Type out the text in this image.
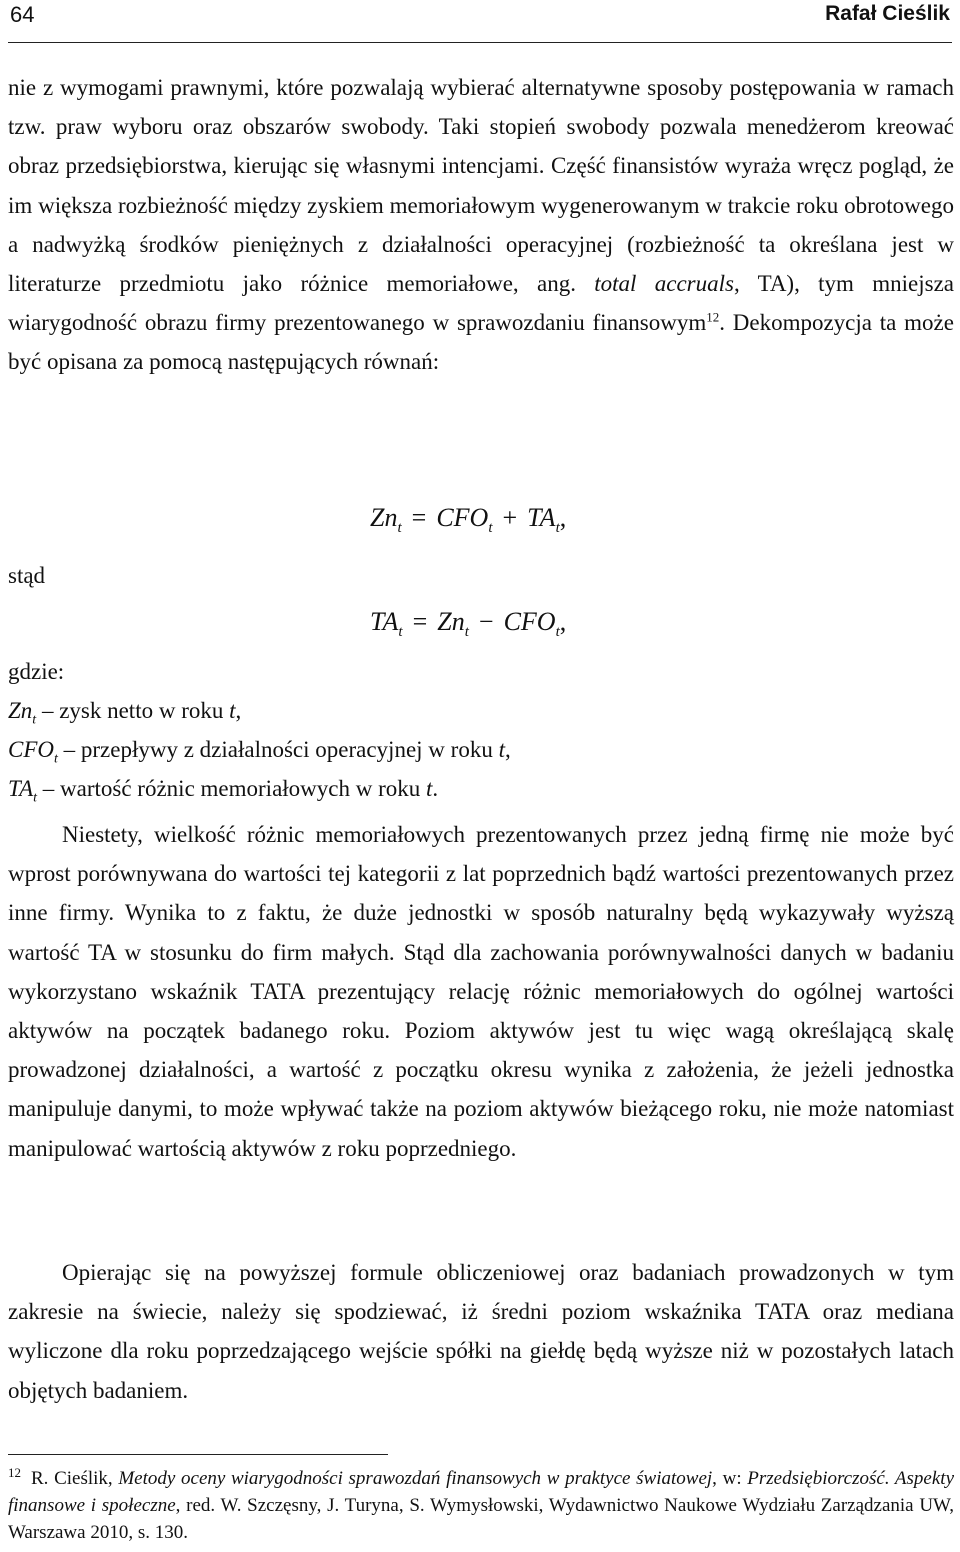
64	Rafał Cieślik

nie z wymogami prawnymi, które pozwalają wybierać alternatywne sposoby postępowania w ramach tzw. praw wyboru oraz obszarów swobody. Taki stopień swobody pozwala menedżerom kreować obraz przedsiębiorstwa, kierując się własnymi intencjami. Część finansistów wyraża wręcz pogląd, że im większa rozbieżność między zyskiem memoriałowym wygenerowanym w trakcie roku obrotowego a nadwyżką środków pieniężnych z działalności operacyjnej (rozbieżność ta określana jest w literaturze przedmiotu jako różnice memoriałowe, ang. total accruals, TA), tym mniejsza wiarygodność obrazu firmy prezentowanego w sprawozdaniu finansowym$^{12}$. Dekompozycja ta może być opisana za pomocą następujących równań:

$Zn_t = CFO_t + TA_t$,
stąd
$TA_t = Zn_t - CFO_t$,
gdzie:
$Zn_t$ – zysk netto w roku t,
$CFO_t$ – przepływy z działalności operacyjnej w roku t,
$TA_t$ – wartość różnic memoriałowych w roku t.

Niestety, wielkość różnic memoriałowych prezentowanych przez jedną firmę nie może być wprost porównywana do wartości tej kategorii z lat poprzednich bądź wartości prezentowanych przez inne firmy. Wynika to z faktu, że duże jednostki w sposób naturalny będą wykazywały wyższą wartość TA w stosunku do firm małych. Stąd dla zachowania porównywalności danych w badaniu wykorzystano wskaźnik TATA prezentujący relację różnic memoriałowych do ogólnej wartości aktywów na początek badanego roku. Poziom aktywów jest tu więc wagą określającą skalę prowadzonej działalności, a wartość z początku okresu wynika z założenia, że jeżeli jednostka manipuluje danymi, to może wpływać także na poziom aktywów bieżącego roku, nie może natomiast manipulować wartością aktywów z roku poprzedniego.

Opierając się na powyższej formule obliczeniowej oraz badaniach prowadzonych w tym zakresie na świecie, należy się spodziewać, iż średni poziom wskaźnika TATA oraz mediana wyliczone dla roku poprzedzającego wejście spółki na giełdę będą wyższe niż w pozostałych latach objętych badaniem.

$^{12}$ R. Cieślik, Metody oceny wiarygodności sprawozdań finansowych w praktyce światowej, w: Przedsiębiorczość. Aspekty finansowe i społeczne, red. W. Szczęsny, J. Turyna, S. Wymysłowski, Wydawnictwo Naukowe Wydziału Zarządzania UW, Warszawa 2010, s. 130.
